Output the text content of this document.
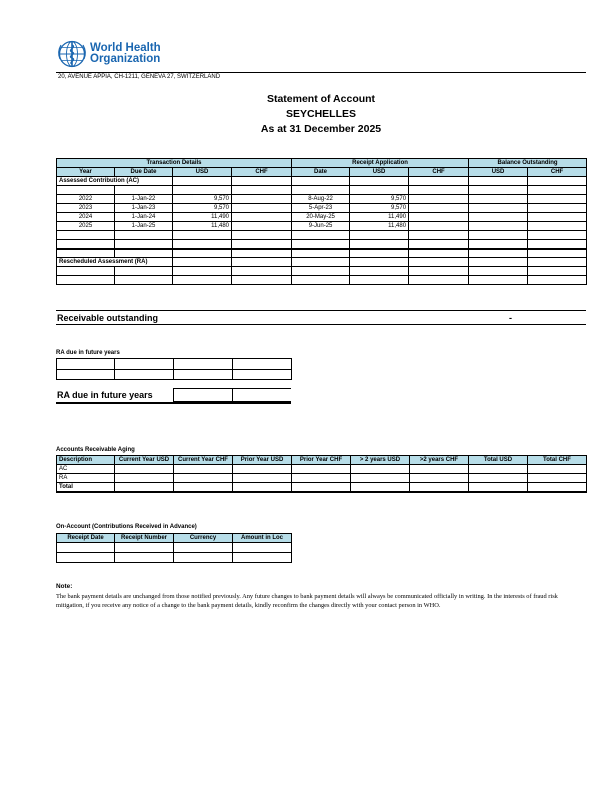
World Health
Organization
20, AVENUE APPIA, CH-1211, GENEVA 27, SWITZERLAND
Statement of Account
SEYCHELLES
As at 31 December 2025
Transaction Details				Receipt Application			Balance Outstanding	
Year	Due Date	USD	CHF	Date	USD	CHF	USD	CHF
Assessed Contribution (AC)								

2022	1-Jan-22	9,570		8-Aug-22	9,570			
2023	1-Jan-23	9,570		5-Apr-23	9,570			
2024	1-Jan-24	11,490		20-May-25	11,490			
2025	1-Jan-25	11,480		9-Jun-25	11,480			

Rescheduled Assessment (RA)								

Receivable outstanding	-
RA due in future years

RA due in future years

Accounts Receivable Aging
Description	Current Year USD	Current Year CHF	Prior Year USD	Prior Year CHF	> 2 years USD	>2 years CHF	Total USD	Total CHF
AC								
RA								
Total								
On-Account (Contributions Received in Advance)
Receipt Date	Receipt Number	Currency	Amount in Loc

Note:
The bank payment details are unchanged from those notified previously. Any future changes to bank payment details will always be communicated officially in writing. In the interests of fraud risk mitigation, if you receive any notice of a change to the bank payment details, kindly reconfirm the changes directly with your contact person in WHO.
